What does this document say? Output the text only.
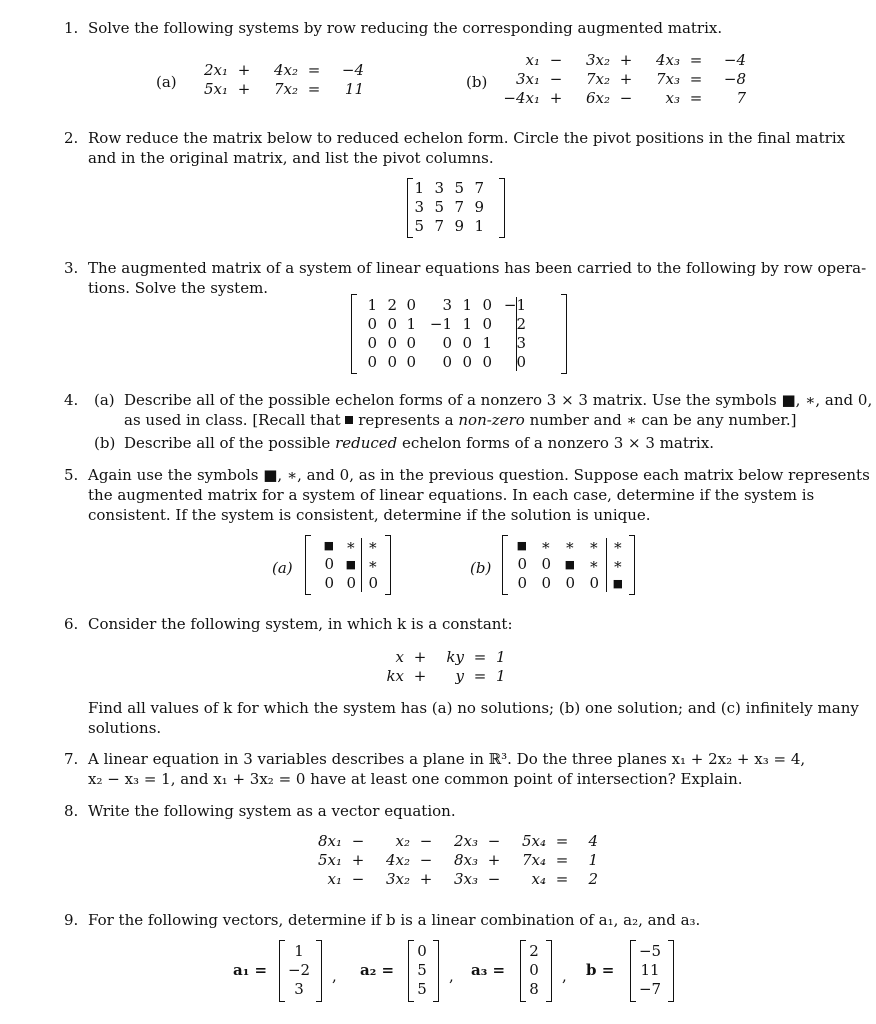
1. Solve the following systems by row reducing the corresponding augmented matrix.
(a)
2x₁ +	4x₂ =	−4
5x₁ +	7x₂ =	11	(b)
x₁ −	3x₂ +	4x₃ =	−4
3x₁ −	7x₂ +	7x₃ =	−8
−4x₁ +	6x₂ −	x₃ =	7
2. Row reduce the matrix below to reduced echelon form. Circle the pivot positions in the final matrix
and in the original matrix, and list the pivot columns.
1 3 5 7
3 5 7 9
5 7 9 1
3. The augmented matrix of a system of linear equations has been carried to the following by row opera-
tions. Solve the system.
1 2 0	3 1 0 −1
0 0 1 −1 1 0	2
0 0 0	0 0 1	3
0 0 0	0 0 0	0
4. (a) Describe all of the possible echelon forms of a nonzero 3 × 3 matrix. Use the symbols ■, ∗, and 0,
as used in class. [Recall that  represents a non-zero number and ∗ can be any number.]
(b) Describe all of the possible reduced echelon forms of a nonzero 3 × 3 matrix.
5. Again use the symbols ■, ∗, and 0, as in the previous question. Suppose each matrix below represents
the augmented matrix for a system of linear equations. In each case, determine if the system is
consistent. If the system is consistent, determine if the solution is unique.
(a)
■ ∗ ∗
0	■ ∗
0 0 0
(b)
■ ∗ ∗ ∗ ∗
0 0	■ ∗ ∗
0 0 0 0	■
6. Consider the following system, in which k is a constant:
x +	ky = 1
kx +	y = 1
Find all values of k for which the system has (a) no solutions; (b) one solution; and (c) infinitely many
solutions.
7. A linear equation in 3 variables describes a plane in ℝ³. Do the three planes x₁ + 2x₂ + x₃ = 4,
x₂ − x₃ = 1, and x₁ + 3x₂ = 0 have at least one common point of intersection? Explain.
8. Write the following system as a vector equation.
8x₁ −	x₂ −	2x₃ −	5x₄ =	4
5x₁ +	4x₂ −	8x₃ +	7x₄ =	1
x₁ −	3x₂ +	3x₃ −	x₄ =	2
9. For the following vectors, determine if b is a linear combination of a₁, a₂, and a₃.
a₁ =
1
−2
3
, a₂ =
0
5
5
, a₃ =
2
0
8
, b =
−5
11
−7
